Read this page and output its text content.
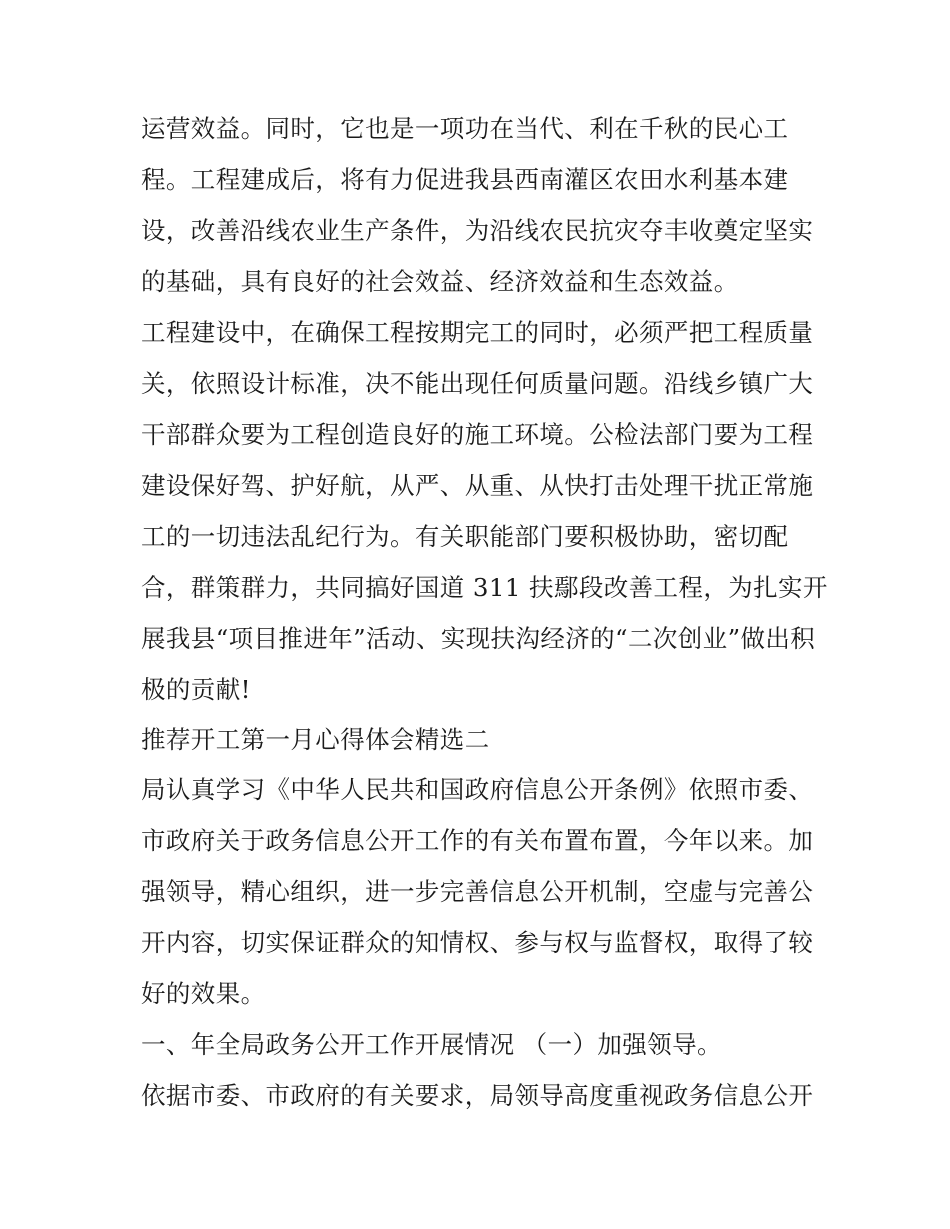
运营效益。同时，它也是一项功在当代、利在千秋的民心工
程。工程建成后，将有力促进我县西南灌区农田水利基本建
设，改善沿线农业生产条件，为沿线农民抗灾夺丰收奠定坚实
的基础，具有良好的社会效益、经济效益和生态效益。
工程建设中，在确保工程按期完工的同时，必须严把工程质量
关，依照设计标准，决不能出现任何质量问题。沿线乡镇广大
干部群众要为工程创造良好的施工环境。公检法部门要为工程
建设保好驾、护好航，从严、从重、从快打击处理干扰正常施
工的一切违法乱纪行为。有关职能部门要积极协助，密切配
合，群策群力，共同搞好国道 311 扶鄢段改善工程，为扎实开
展我县“项目推进年”活动、实现扶沟经济的“二次创业”做出积
极的贡献!
推荐开工第一月心得体会精选二
局认真学习《中华人民共和国政府信息公开条例》依照市委、
市政府关于政务信息公开工作的有关布置布置，今年以来。加
强领导，精心组织，进一步完善信息公开机制，空虚与完善公
开内容，切实保证群众的知情权、参与权与监督权，取得了较
好的效果。
一、年全局政务公开工作开展情况 （一）加强领导。
依据市委、市政府的有关要求，局领导高度重视政务信息公开
